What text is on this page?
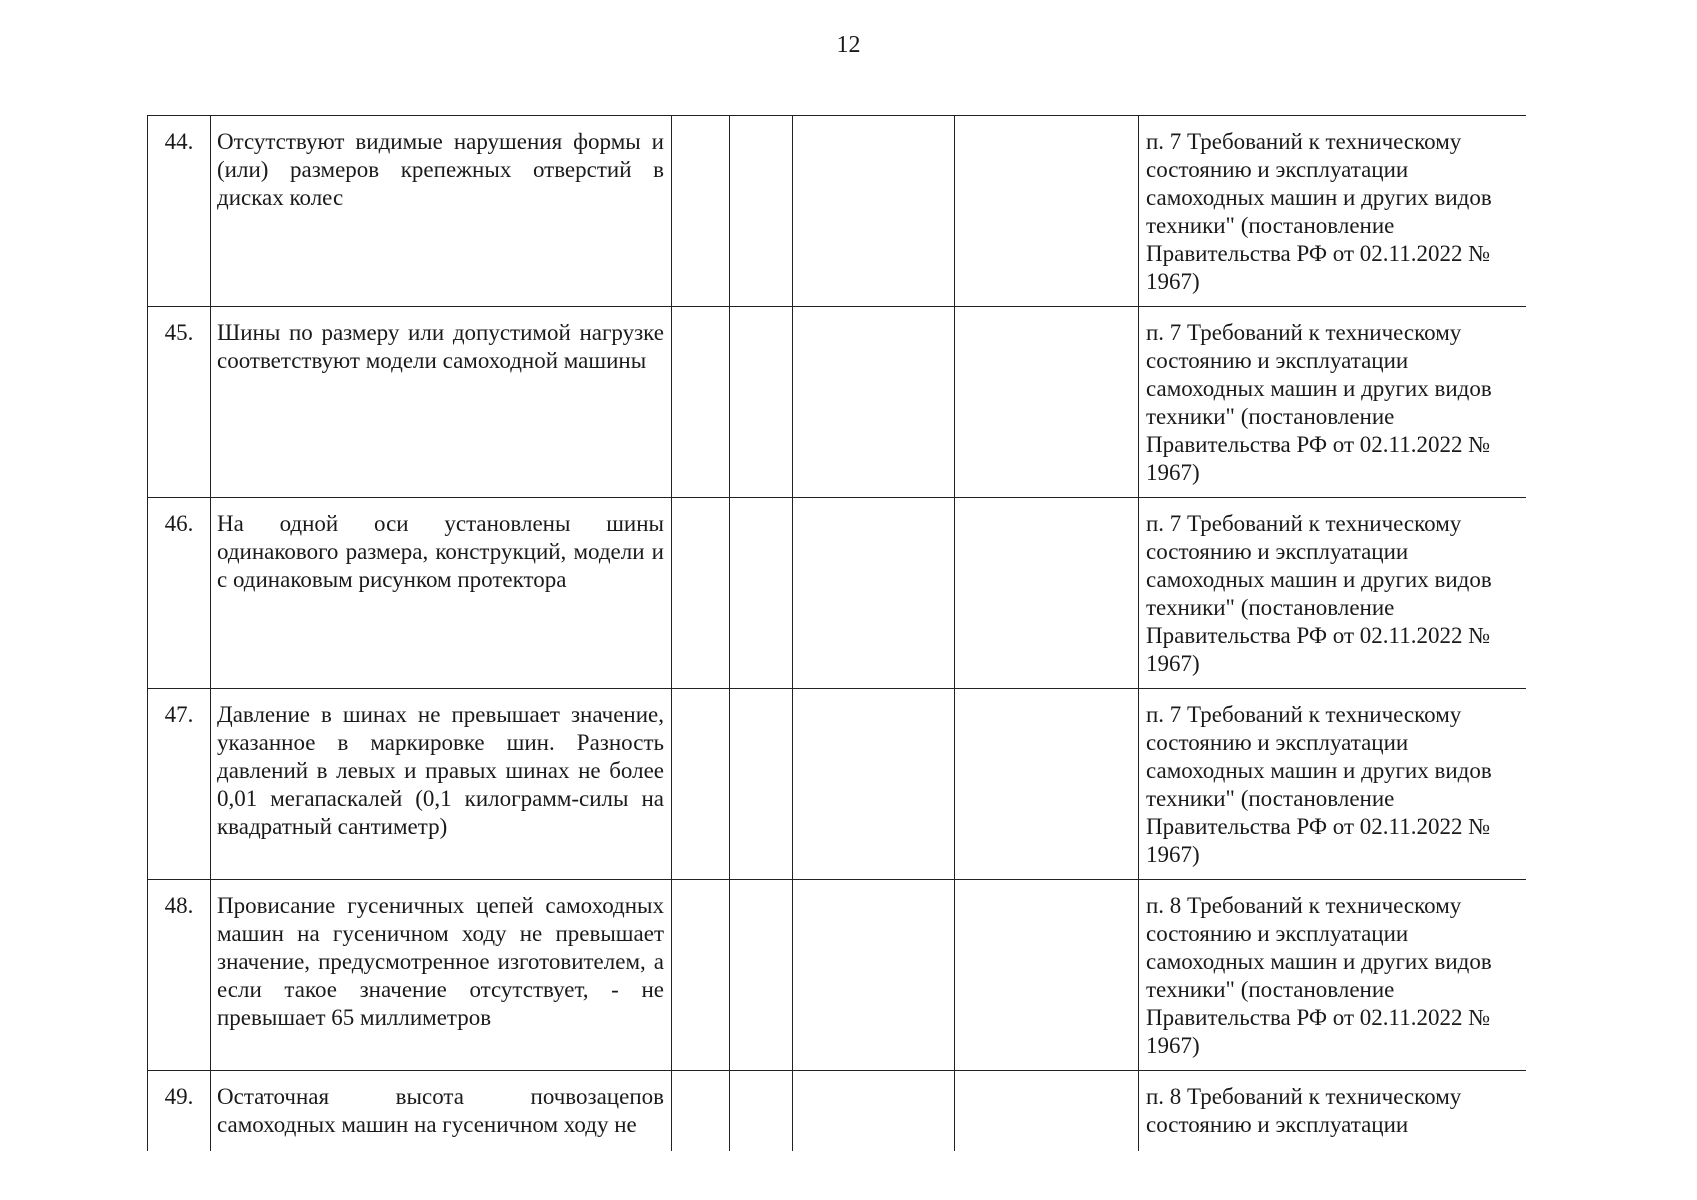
12
44.	Отсутствуют видимые нарушения формы и (или) размеров крепежных отверстий в дисках колес					п. 7 Требований к техническому состоянию и эксплуатации самоходных машин и других видов техники" (постановление Правительства РФ от 02.11.2022 № 1967)
45.	Шины по размеру или допустимой нагрузке соответствуют модели самоходной машины					п. 7 Требований к техническому состоянию и эксплуатации самоходных машин и других видов техники" (постановление Правительства РФ от 02.11.2022 № 1967)
46.	На одной оси установлены шины одинакового размера, конструкций, модели и с одинаковым рисунком протектора					п. 7 Требований к техническому состоянию и эксплуатации самоходных машин и других видов техники" (постановление Правительства РФ от 02.11.2022 № 1967)
47.	Давление в шинах не превышает значение, указанное в маркировке шин. Разность давлений в левых и правых шинах не более 0,01 мегапаскалей (0,1 килограмм-силы на квадратный сантиметр)					п. 7 Требований к техническому состоянию и эксплуатации самоходных машин и других видов техники" (постановление Правительства РФ от 02.11.2022 № 1967)
48.	Провисание гусеничных цепей самоходных машин на гусеничном ходу не превышает значение, предусмотренное изготовителем, а если такое значение отсутствует, - не превышает 65 миллиметров					п. 8 Требований к техническому состоянию и эксплуатации самоходных машин и других видов техники" (постановление Правительства РФ от 02.11.2022 № 1967)
49.	Остаточная высота почвозацепов самоходных машин на гусеничном ходу не					п. 8 Требований к техническому состоянию и эксплуатации
